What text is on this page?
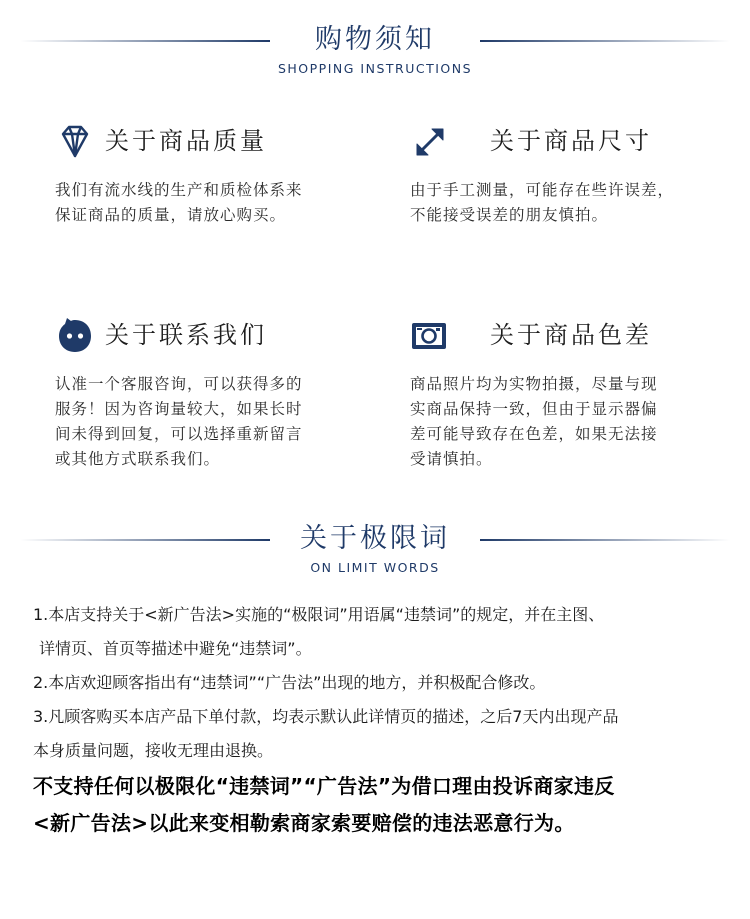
购物须知
SHOPPING INSTRUCTIONS
关于商品质量
我们有流水线的生产和质检体系来
保证商品的质量，请放心购买。
关于商品尺寸
由于手工测量，可能存在些许误差，
不能接受误差的朋友慎拍。
关于联系我们
认准一个客服咨询，可以获得多的
服务！因为咨询量较大，如果长时
间未得到回复，可以选择重新留言
或其他方式联系我们。
关于商品色差
商品照片均为实物拍摄，尽量与现
实商品保持一致，但由于显示器偏
差可能导致存在色差，如果无法接
受请慎拍。
关于极限词
ON LIMIT WORDS

1.本店支持关于<新广告法>实施的“极限词”用语属“违禁词”的规定，并在主图、

详情页、首页等描述中避免“违禁词”。

2.本店欢迎顾客指出有“违禁词”“广告法”出现的地方，并积极配合修改。

3.凡顾客购买本店产品下单付款，均表示默认此详情页的描述，之后7天内出现产品

本身质量问题，接收无理由退换。

不支持任何以极限化“违禁词”“广告法”为借口理由投诉商家违反

<新广告法>以此来变相勒索商家索要赔偿的违法恶意行为。
